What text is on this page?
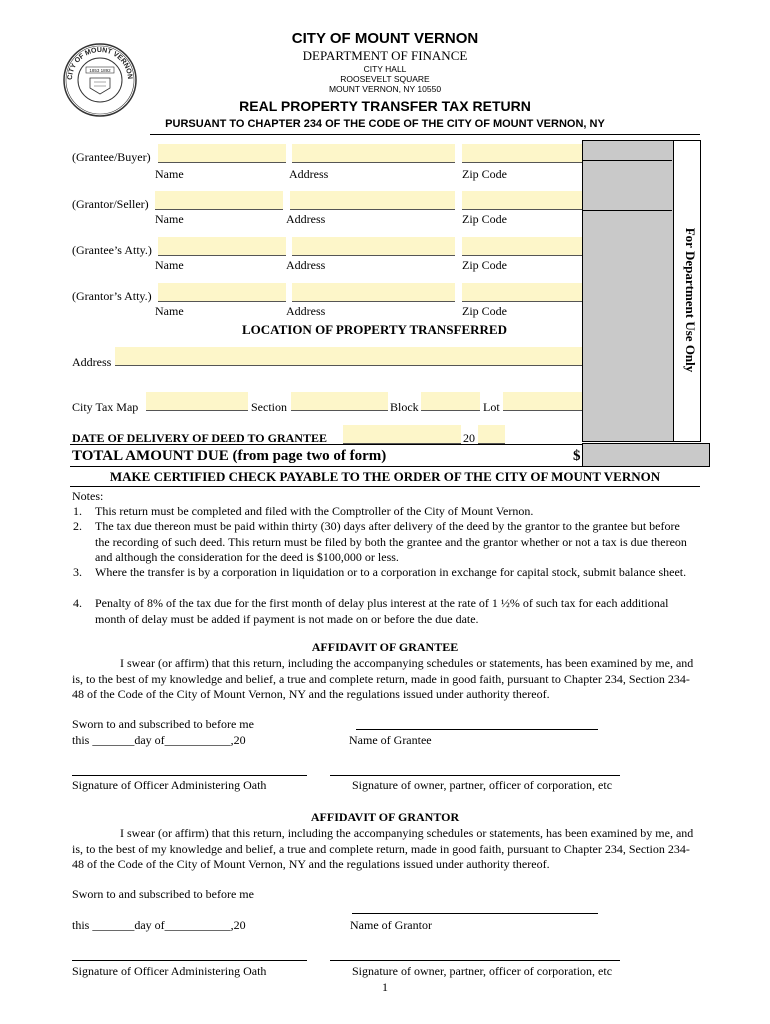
CITY OF MOUNT VERNON
1853 1892
CITY OF MOUNT VERNON
DEPARTMENT OF FINANCE
CITY HALL
ROOSEVELT SQUARE
MOUNT VERNON, NY 10550
REAL PROPERTY TRANSFER TAX RETURN
PURSUANT TO CHAPTER 234 OF THE CODE OF THE CITY OF MOUNT VERNON, NY
For Department Use Only
(Grantee/Buyer)
Name	Address	Zip Code
(Grantor/Seller)
Name	Address	Zip Code
(Grantee’s Atty.)
Name	Address	Zip Code
(Grantor’s Atty.)
Name	Address	Zip Code
LOCATION OF PROPERTY TRANSFERRED
Address
City Tax Map	Section	Block	Lot
DATE OF DELIVERY OF DEED TO GRANTEE	20
TOTAL AMOUNT DUE (from page two of form)	$
MAKE CERTIFIED CHECK PAYABLE TO THE ORDER OF THE CITY OF MOUNT VERNON
Notes:
1. This return must be completed and filed with the Comptroller of the City of Mount Vernon.
2. The tax due thereon must be paid within thirty (30) days after delivery of the deed by the grantor to the grantee but before the recording of such deed. This return must be filed by both the grantee and the grantor whether or not a tax is due thereon and although the consideration for the deed is $100,000 or less.
3. Where the transfer is by a corporation in liquidation or to a corporation in exchange for capital stock, submit balance sheet.
4. Penalty of 8% of the tax due for the first month of delay plus interest at the rate of 1 ½% of such tax for each additional month of delay must be added if payment is not made on or before the due date.
AFFIDAVIT OF GRANTEE
I swear (or affirm) that this return, including the accompanying schedules or statements, has been examined by me, and is, to the best of my knowledge and belief, a true and complete return, made in good faith, pursuant to Chapter 234, Section 234-48 of the Code of the City of Mount Vernon, NY and the regulations issued under authority thereof.
Sworn to and subscribed to before me
this _______day of___________,20	Name of Grantee
Signature of Officer Administering Oath	Signature of owner, partner, officer of corporation, etc
AFFIDAVIT OF GRANTOR
I swear (or affirm) that this return, including the accompanying schedules or statements, has been examined by me, and is, to the best of my knowledge and belief, a true and complete return, made in good faith, pursuant to Chapter 234, Section 234-48 of the Code of the City of Mount Vernon, NY and the regulations issued under authority thereof.
Sworn to and subscribed to before me
this _______day of___________,20	Name of Grantor
Signature of Officer Administering Oath	Signature of owner, partner, officer of corporation, etc
1
